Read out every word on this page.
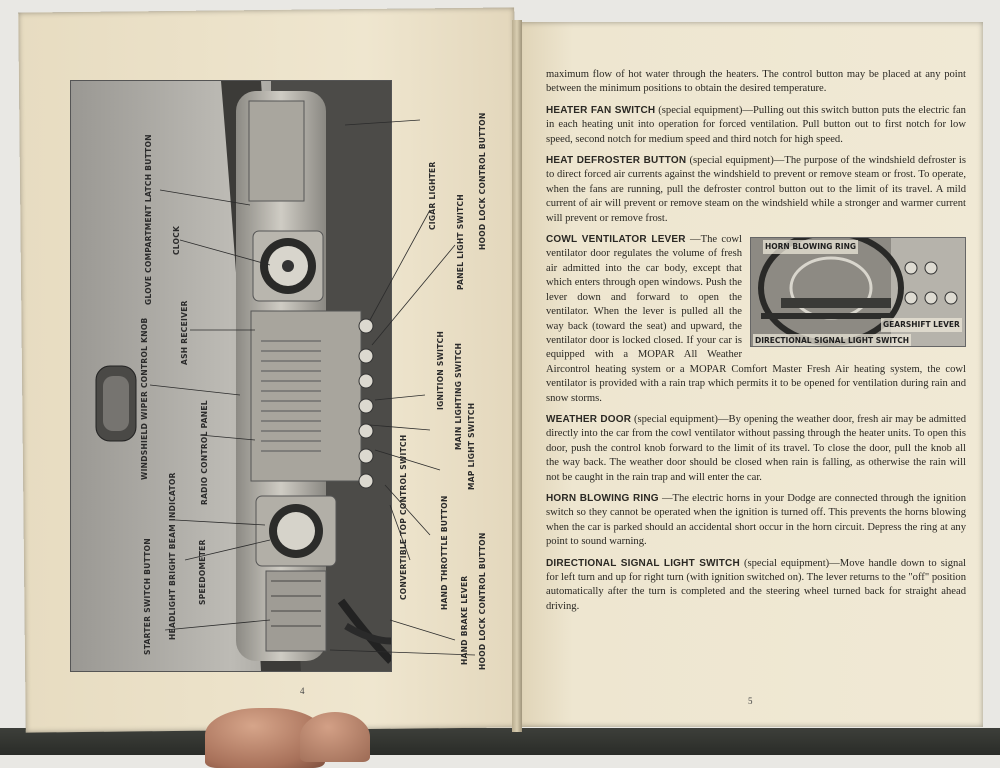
GLOVE COMPARTMENT LATCH BUTTON	CLOCK
ASH RECEIVER
WINDSHIELD WIPER CONTROL KNOB	RADIO CONTROL PANEL
HEADLIGHT BRIGHT BEAM INDICATOR	SPEEDOMETER
STARTER SWITCH BUTTON
HOOD LOCK CONTROL BUTTON
PANEL LIGHT SWITCH
CIGAR LIGHTER
IGNITION SWITCH MAIN LIGHTING SWITCH MAP LIGHT SWITCH
CONVERTIBLE TOP CONTROL SWITCH	HAND THROTTLE BUTTON
HAND BRAKE LEVER HOOD LOCK CONTROL BUTTON
4
5

maximum flow of hot water through the heaters. The control button may be placed at any point between the minimum positions to obtain the desired temperature.

HEATER FAN SWITCH (special equipment)—Pulling out this switch button puts the electric fan in each heating unit into operation for forced ventilation. Pull button out to first notch for low speed, second notch for medium speed and third notch for high speed.

HEAT DEFROSTER BUTTON (special equipment)—The purpose of the windshield defroster is to direct forced air currents against the windshield to prevent or remove steam or frost. To operate, when the fans are running, pull the defroster control button out to the limit of its travel. A mild current of air will prevent or remove steam on the windshield while a stronger and warmer current will prevent or remove frost.

HORN BLOWING RING
GEARSHIFT LEVER
DIRECTIONAL SIGNAL LIGHT SWITCH
COWL VENTILATOR LEVER —The cowl ventilator door regulates the volume of fresh air admitted into the car body, except that which enters through open windows. Push the lever down and forward to open the ventilator. When the lever is pulled all the way back (toward the seat) and upward, the ventilator door is locked closed. If your car is equipped with a MOPAR All Weather Aircontrol heating system or a MOPAR Comfort Master Fresh Air heating system, the cowl ventilator is provided with a rain trap which permits it to be opened for ventilation during rain and snow storms.

WEATHER DOOR (special equipment)—By opening the weather door, fresh air may be admitted directly into the car from the cowl ventilator without passing through the heater units. To open this door, push the control knob forward to the limit of its travel. To close the door, pull the knob all the way back. The weather door should be closed when rain is falling, as otherwise the rain will not be caught in the rain trap and will enter the car.

HORN BLOWING RING —The electric horns in your Dodge are connected through the ignition switch so they cannot be operated when the ignition is turned off. This prevents the horns blowing when the car is parked should an accidental short occur in the horn circuit. Depress the ring at any point to sound warning.

DIRECTIONAL SIGNAL LIGHT SWITCH (special equipment)—Move handle down to signal for left turn and up for right turn (with ignition switched on). The lever returns to the "off" position automatically after the turn is completed and the steering wheel turned back for straight ahead driving.
